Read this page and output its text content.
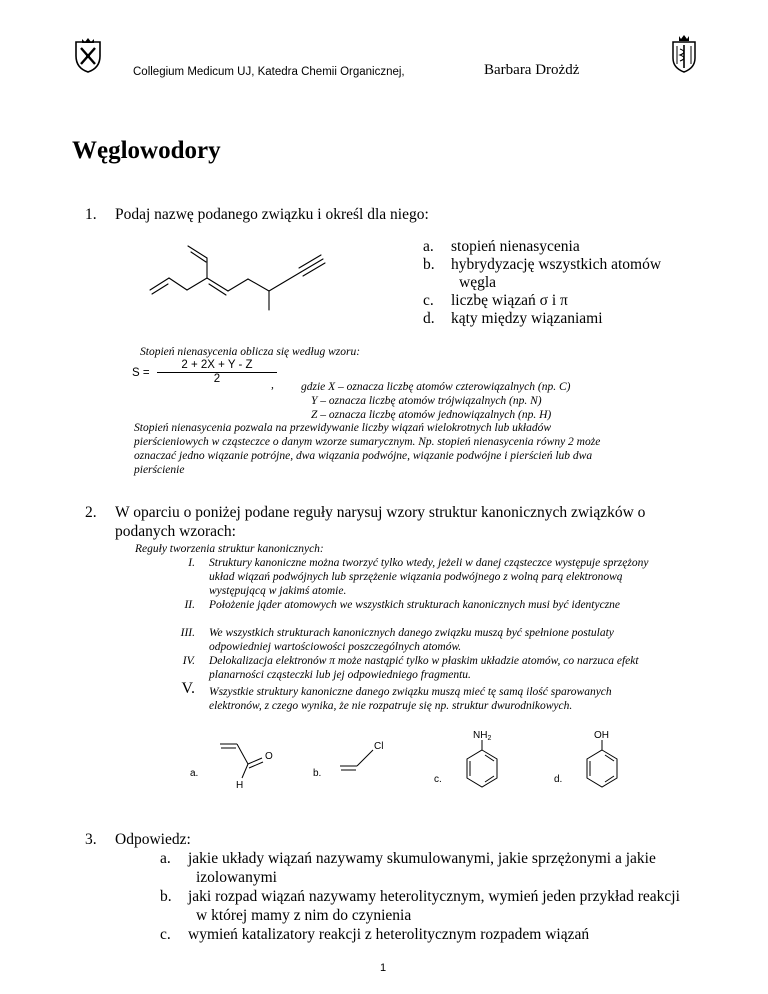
Collegium Medicum UJ, Katedra Chemii Organicznej,	Barbara Drożdż
Węglowodory
1. Podaj nazwę podanego związku i określ dla niego:
a. stopień nienasycenia
b. hybrydyzację wszystkich atomów
węgla
c. liczbę wiązań σ i π
d. kąty między wiązaniami
Stopień nienasycenia oblicza się według wzoru:
S =
2 + 2X + Y - Z
2	, gdzie X – oznacza liczbę atomów czterowiązalnych (np. C)
Y – oznacza liczbę atomów trójwiązalnych (np. N)
Z – oznacza liczbę atomów jednowiązalnych (np. H)
Stopień nienasycenia pozwala na przewidywanie liczby wiązań wielokrotnych lub układów
pierścieniowych w cząsteczce o danym wzorze sumarycznym. Np. stopień nienasycenia równy 2 może
oznaczać jedno wiązanie potrójne, dwa wiązania podwójne, wiązanie podwójne i pierścień lub dwa
pierścienie
2. W oparciu o poniżej podane reguły narysuj wzory struktur kanonicznych związków o
podanych wzorach:
Reguły tworzenia struktur kanonicznych:
I. Struktury kanoniczne można tworzyć tylko wtedy, jeżeli w danej cząsteczce występuje sprzężony układ wiązań podwójnych lub sprzężenie wiązania podwójnego z wolną parą elektronową występującą w jakimś atomie.
II. Położenie jąder atomowych we wszystkich strukturach kanonicznych musi być identyczne
III. We wszystkich strukturach kanonicznych danego związku muszą być spełnione postulaty odpowiedniej wartościowości poszczególnych atomów.
IV. Delokalizacja elektronów π może nastąpić tylko w płaskim układzie atomów, co narzuca efekt planarności cząsteczki lub jej odpowiedniego fragmentu.
V. Wszystkie struktury kanoniczne danego związku muszą mieć tę samą ilość sparowanych elektronów, z czego wynika, że nie rozpatruje się np. struktur dwurodnikowych.
a.
O
H
b.
Cl
c.
$NH_2$
d.
OH
3. Odpowiedz:
a. jakie układy wiązań nazywamy skumulowanymi, jakie sprzężonymi a jakie
izolowanymi
b. jaki rozpad wiązań nazywamy heterolitycznym, wymień jeden przykład reakcji
w której mamy z nim do czynienia
c. wymień katalizatory reakcji z heterolitycznym rozpadem wiązań
1
